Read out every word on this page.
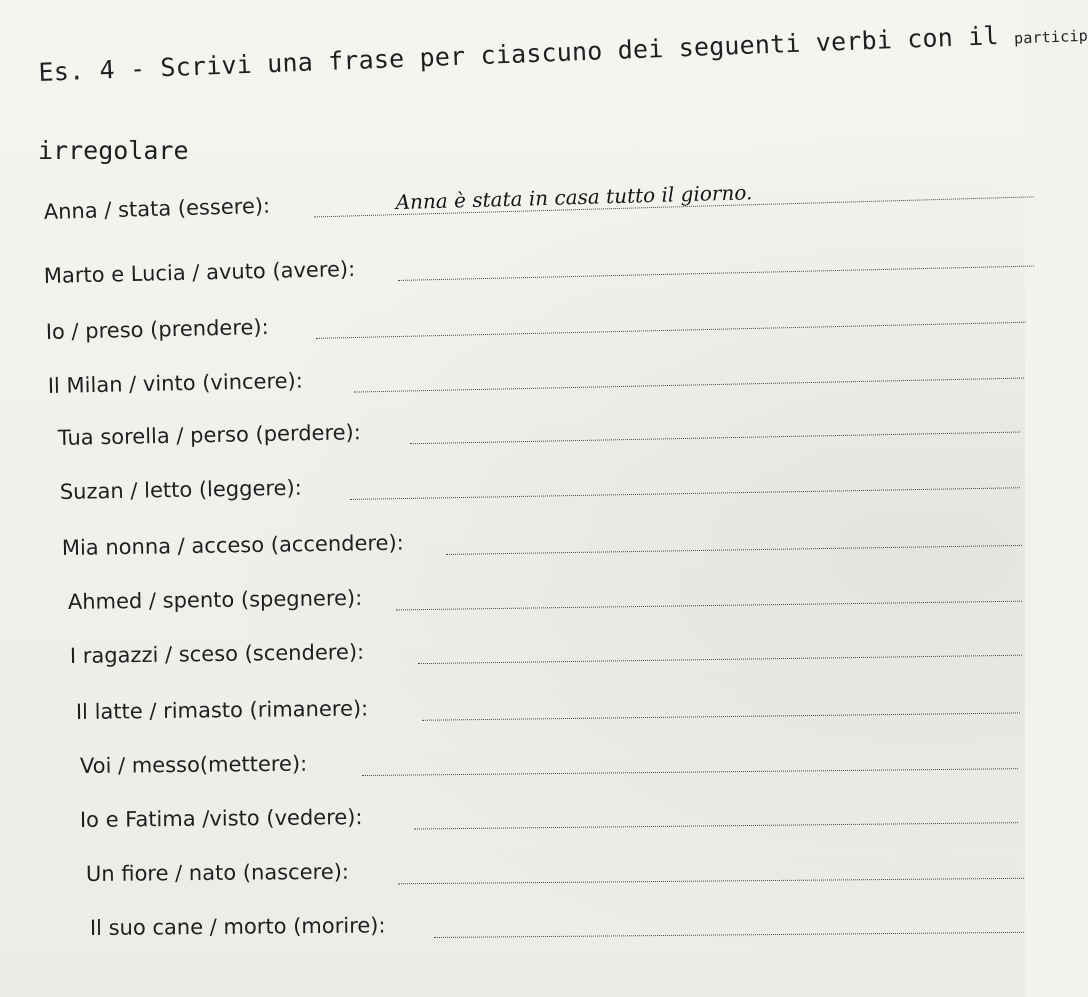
Es. 4 - Scrivi una frase per ciascuno dei seguenti verbi con il particip
irregolare
Anna / stata (essere):	Anna è stata in casa tutto il giorno.
Marto e Lucia / avuto (avere):
Io / preso (prendere):
Il Milan / vinto (vincere):
Tua sorella / perso (perdere):
Suzan / letto (leggere):
Mia nonna / acceso (accendere):
Ahmed / spento (spegnere):
I ragazzi / sceso (scendere):
Il latte / rimasto (rimanere):
Voi / messo(mettere):
Io e Fatima /visto (vedere):
Un fiore / nato (nascere):
Il suo cane / morto (morire):
